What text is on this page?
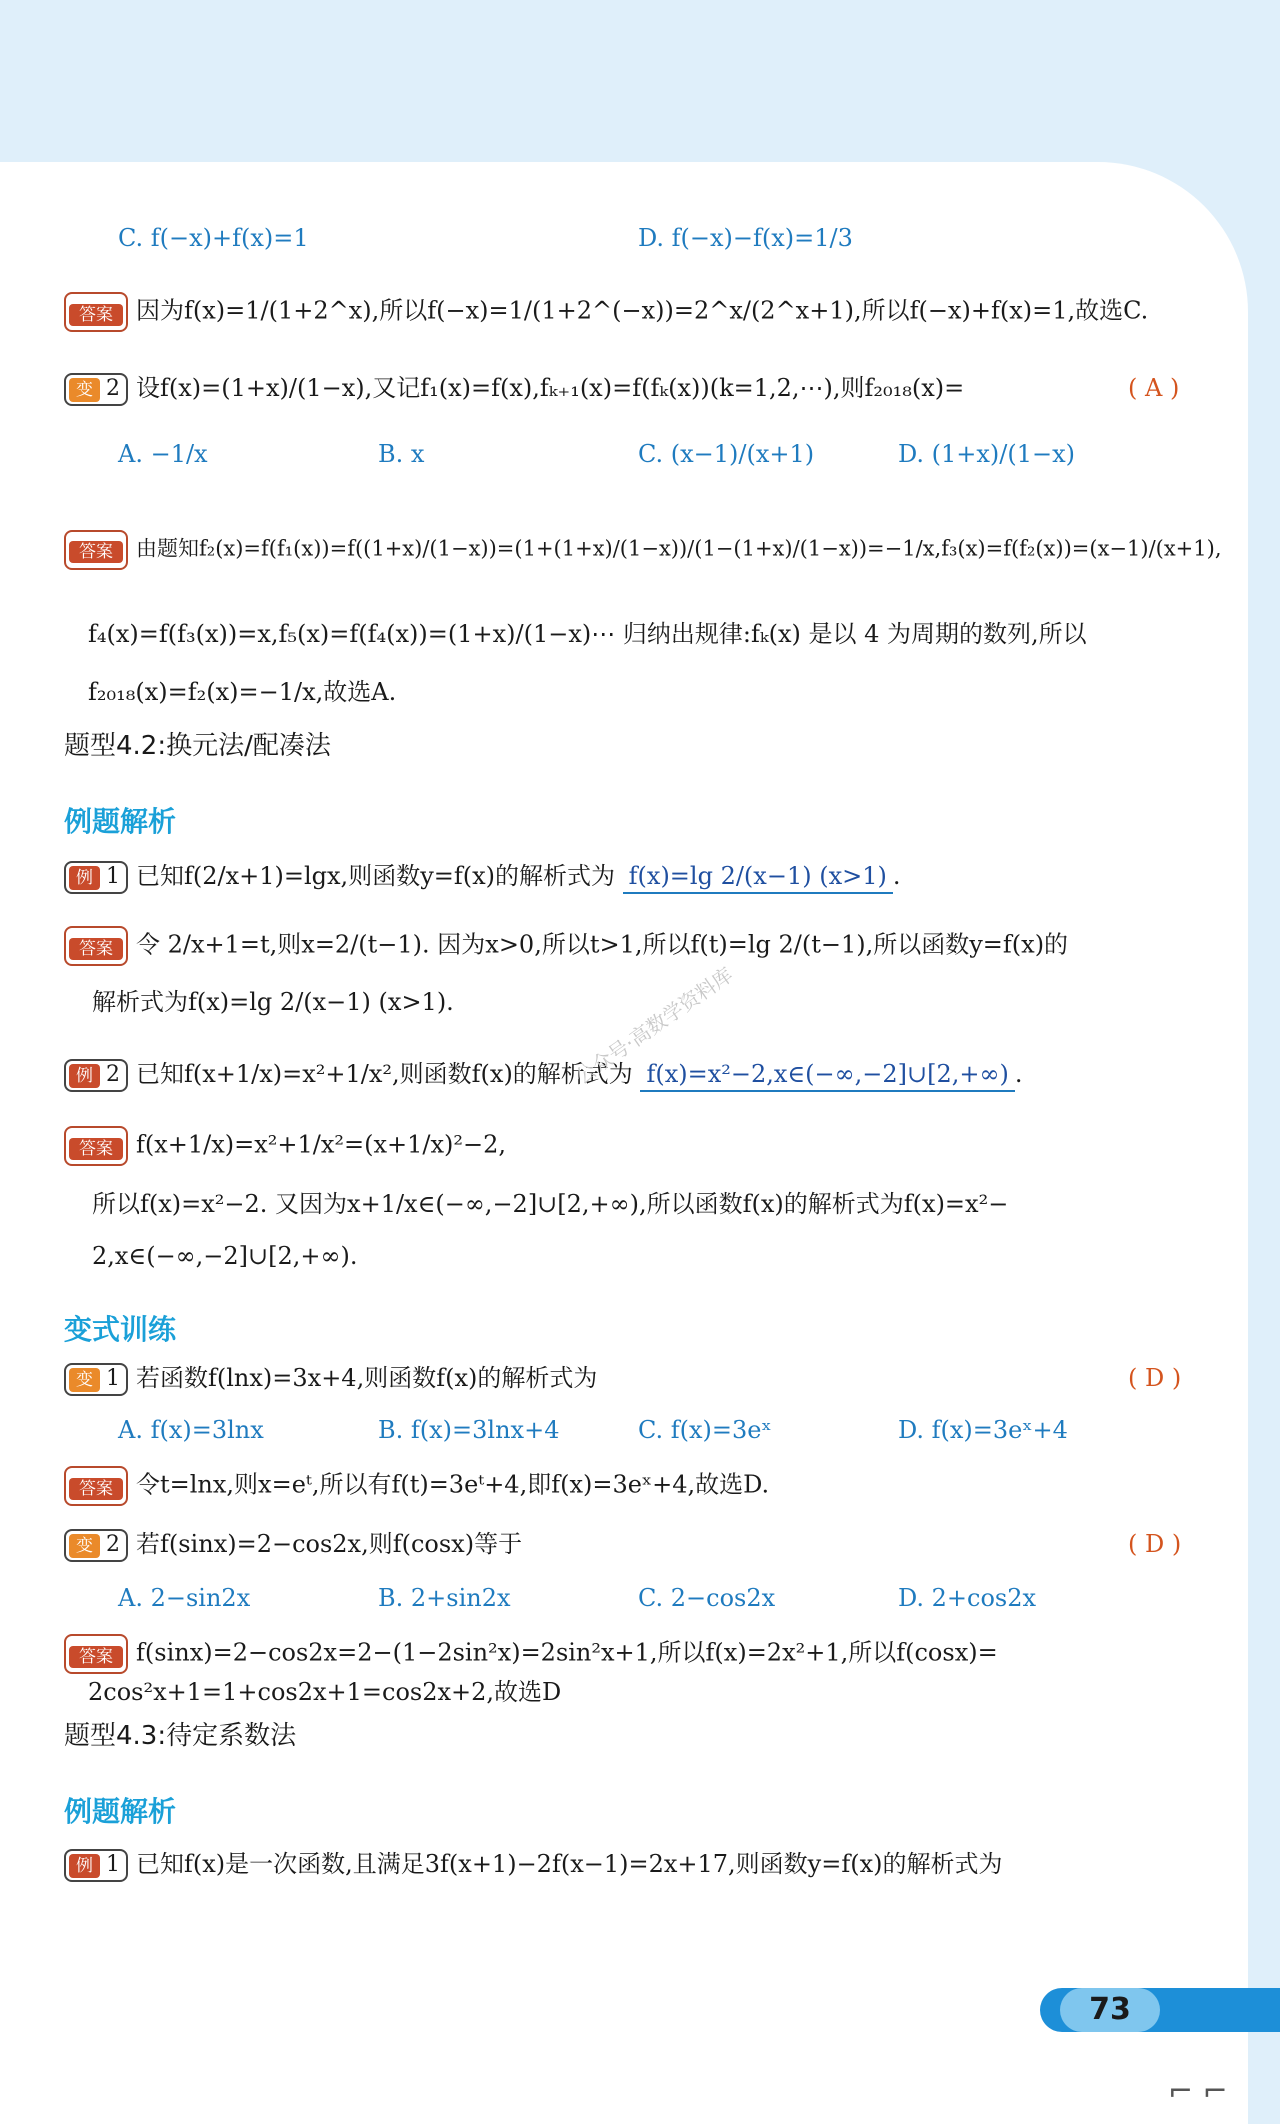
C. f(−x)+f(x)=1	D. f(−x)−f(x)=1/3
答案 因为f(x)=1/(1+2^x),所以f(−x)=1/(1+2^(−x))=2^x/(2^x+1),所以f(−x)+f(x)=1,故选C.
变 2 设f(x)=(1+x)/(1−x),又记f₁(x)=f(x),fₖ₊₁(x)=f(fₖ(x))(k=1,2,⋯),则f₂₀₁₈(x)=	( A )
A. −1/x	B. x	C. (x−1)/(x+1)	D. (1+x)/(1−x)
答案 由题知f₂(x)=f(f₁(x))=f((1+x)/(1−x))=(1+(1+x)/(1−x))/(1−(1+x)/(1−x))=−1/x,f₃(x)=f(f₂(x))=(x−1)/(x+1),
f₄(x)=f(f₃(x))=x,f₅(x)=f(f₄(x))=(1+x)/(1−x)⋯ 归纳出规律:fₖ(x) 是以 4 为周期的数列,所以
f₂₀₁₈(x)=f₂(x)=−1/x,故选A.
题型4.2:换元法/配凑法
例题解析
例 1 已知f(2/x+1)=lgx,则函数y=f(x)的解析式为 f(x)=lg 2/(x−1) (x>1) .
答案 令 2/x+1=t,则x=2/(t−1). 因为x>0,所以t>1,所以f(t)=lg 2/(t−1),所以函数y=f(x)的
解析式为f(x)=lg 2/(x−1) (x>1).
例 2 已知f(x+1/x)=x²+1/x²,则函数f(x)的解析式为 f(x)=x²−2,x∈(−∞,−2]∪[2,+∞) .
答案 f(x+1/x)=x²+1/x²=(x+1/x)²−2,
所以f(x)=x²−2. 又因为x+1/x∈(−∞,−2]∪[2,+∞),所以函数f(x)的解析式为f(x)=x²−
2,x∈(−∞,−2]∪[2,+∞).
变式训练
变 1 若函数f(lnx)=3x+4,则函数f(x)的解析式为	( D )
A. f(x)=3lnx	B. f(x)=3lnx+4	C. f(x)=3eˣ	D. f(x)=3eˣ+4
答案 令t=lnx,则x=eᵗ,所以有f(t)=3eᵗ+4,即f(x)=3eˣ+4,故选D.
变 2 若f(sinx)=2−cos2x,则f(cosx)等于	( D )
A. 2−sin2x	B. 2+sin2x	C. 2−cos2x	D. 2+cos2x
答案 f(sinx)=2−cos2x=2−(1−2sin²x)=2sin²x+1,所以f(x)=2x²+1,所以f(cosx)=
2cos²x+1=1+cos2x+1=cos2x+2,故选D
题型4.3:待定系数法
例题解析
例 1 已知f(x)是一次函数,且满足3f(x+1)−2f(x−1)=2x+17,则函数y=f(x)的解析式为
公众号·高数学资料库
73
⌐ ⌐
